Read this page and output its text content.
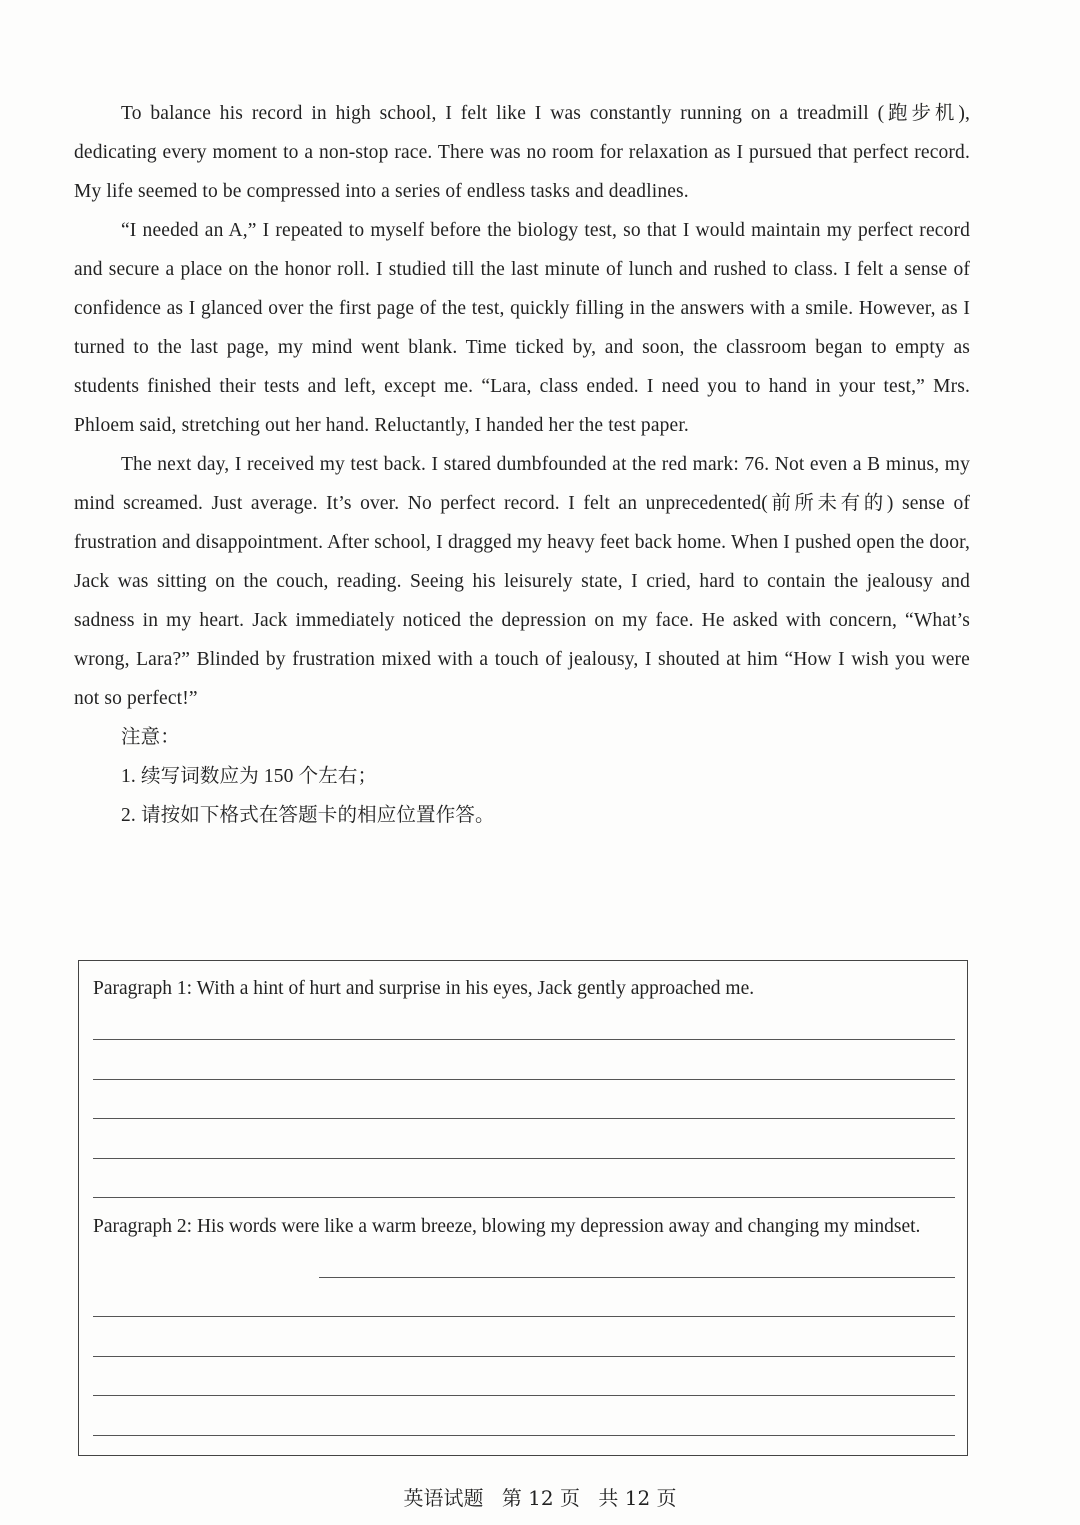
To balance his record in high school, I felt like I was constantly running on a treadmill (跑步机), dedicating every moment to a non-stop race. There was no room for relaxation as I pursued that perfect record. My life seemed to be compressed into a series of endless tasks and deadlines.

“I needed an A,” I repeated to myself before the biology test, so that I would maintain my perfect record and secure a place on the honor roll. I studied till the last minute of lunch and rushed to class. I felt a sense of confidence as I glanced over the first page of the test, quickly filling in the answers with a smile. However, as I turned to the last page, my mind went blank. Time ticked by, and soon, the classroom began to empty as students finished their tests and left, except me. “Lara, class ended. I need you to hand in your test,” Mrs. Phloem said, stretching out her hand. Reluctantly, I handed her the test paper.

The next day, I received my test back. I stared dumbfounded at the red mark: 76. Not even a B minus, my mind screamed. Just average. It’s over. No perfect record. I felt an unprecedented(前所未有的) sense of frustration and disappointment. After school, I dragged my heavy feet back home. When I pushed open the door, Jack was sitting on the couch, reading. Seeing his leisurely state, I cried, hard to contain the jealousy and sadness in my heart. Jack immediately noticed the depression on my face. He asked with concern, “What’s wrong, Lara?” Blinded by frustration mixed with a touch of jealousy, I shouted at him “How I wish you were not so perfect!”

注意：

1. 续写词数应为 150 个左右；

2. 请按如下格式在答题卡的相应位置作答。

Paragraph 1: With a hint of hurt and surprise in his eyes, Jack gently approached me.
Paragraph 2: His words were like a warm breeze, blowing my depression away and changing my mindset.
英语试题 第 12 页 共 12 页
